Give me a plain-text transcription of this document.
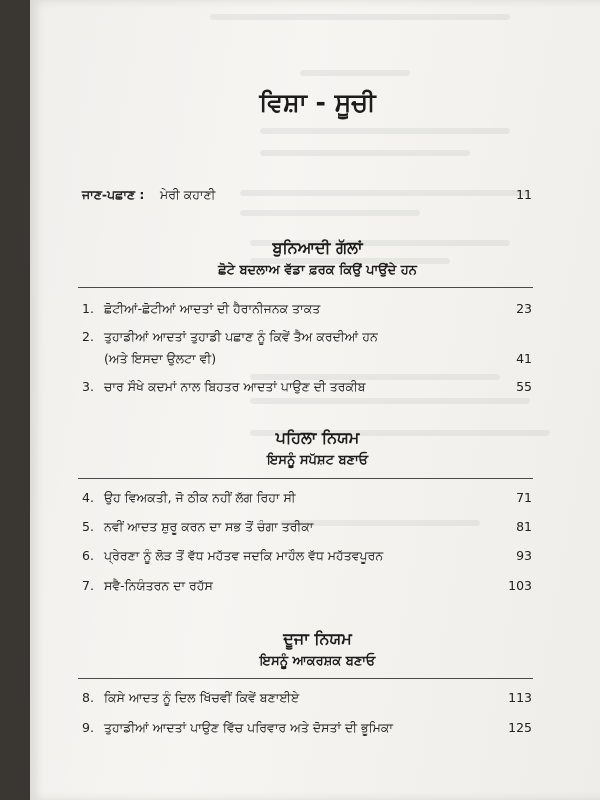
ਵਿਸ਼ਾ - ਸੂਚੀ
ਜਾਣ-ਪਛਾਣ : ਮੇਰੀ ਕਹਾਣੀ	11
ਬੁਨਿਆਦੀ ਗੱਲਾਂ
ਛੋਟੇ ਬਦਲਾਅ ਵੱਡਾ ਫ਼ਰਕ ਕਿਉਂ ਪਾਉਂਦੇ ਹਨ
1. ਛੋਟੀਆਂ-ਛੋਟੀਆਂ ਆਦਤਾਂ ਦੀ ਹੈਰਾਨੀਜਨਕ ਤਾਕਤ	23
2. ਤੁਹਾਡੀਆਂ ਆਦਤਾਂ ਤੁਹਾਡੀ ਪਛਾਣ ਨੂੰ ਕਿਵੇਂ ਤੈਅ ਕਰਦੀਆਂ ਹਨ
(ਅਤੇ ਇਸਦਾ ਉਲਟਾ ਵੀ)	41
3. ਚਾਰ ਸੌਖੇ ਕਦਮਾਂ ਨਾਲ ਬਿਹਤਰ ਆਦਤਾਂ ਪਾਉਣ ਦੀ ਤਰਕੀਬ	55
ਪਹਿਲਾ ਨਿਯਮ
ਇਸਨੂੰ ਸਪੱਸ਼ਟ ਬਣਾਓ
4. ਉਹ ਵਿਅਕਤੀ, ਜੋ ਠੀਕ ਨਹੀਂ ਲੱਗ ਰਿਹਾ ਸੀ	71
5. ਨਵੀਂ ਆਦਤ ਸ਼ੁਰੂ ਕਰਨ ਦਾ ਸਭ ਤੋਂ ਚੰਗਾ ਤਰੀਕਾ	81
6. ਪ੍ਰੇਰਣਾ ਨੂੰ ਲੋੜ ਤੋਂ ਵੱਧ ਮਹੱਤਵ ਜਦਕਿ ਮਾਹੌਲ ਵੱਧ ਮਹੱਤਵਪੂਰਨ	93
7. ਸਵੈ-ਨਿਯੰਤਰਨ ਦਾ ਰਹੱਸ	103
ਦੂਜਾ ਨਿਯਮ
ਇਸਨੂੰ ਆਕਰਸ਼ਕ ਬਣਾਓ
8. ਕਿਸੇ ਆਦਤ ਨੂੰ ਦਿਲ ਖਿੱਚਵੀਂ ਕਿਵੇਂ ਬਣਾਈਏ	113
9. ਤੁਹਾਡੀਆਂ ਆਦਤਾਂ ਪਾਉਣ ਵਿੱਚ ਪਰਿਵਾਰ ਅਤੇ ਦੋਸਤਾਂ ਦੀ ਭੂਮਿਕਾ	125
